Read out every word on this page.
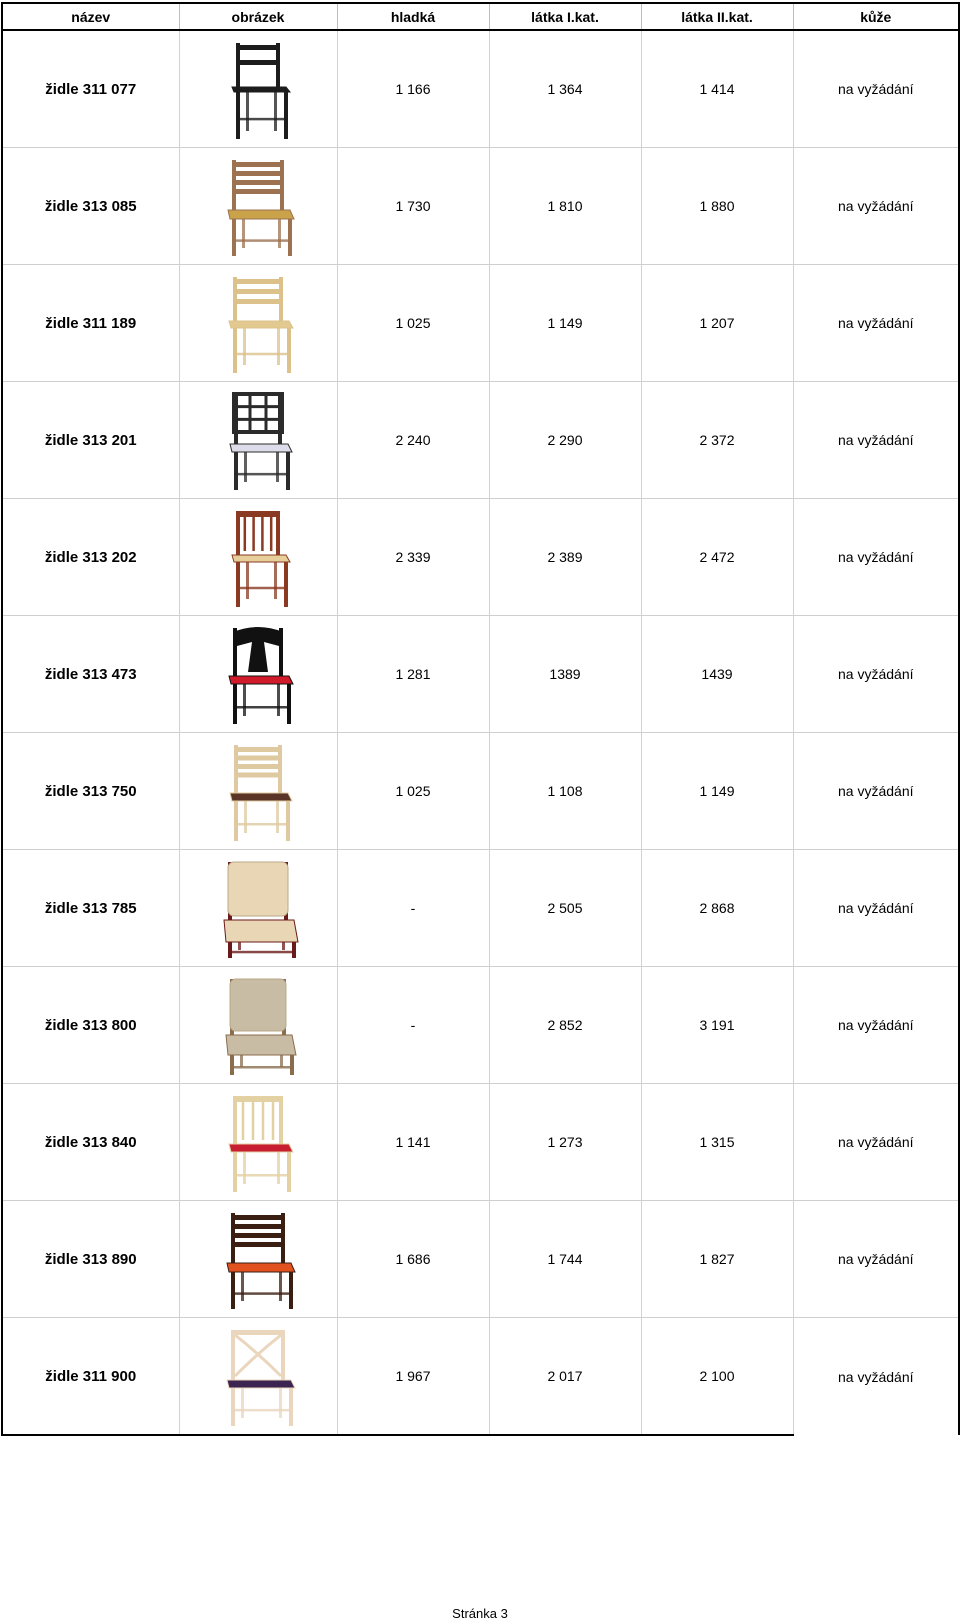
název	obrázek	hladká	látka I.kat.	látka II.kat.	kůže
židle 311 077		1 166	1 364	1 414	na vyžádání
židle 313 085		1 730	1 810	1 880	na vyžádání
židle 311 189		1 025	1 149	1 207	na vyžádání
židle 313 201		2 240	2 290	2 372	na vyžádání
židle 313 202		2 339	2 389	2 472	na vyžádání
židle 313 473		1 281	1389	1439	na vyžádání
židle 313 750		1 025	1 108	1 149	na vyžádání
židle 313 785		-	2 505	2 868	na vyžádání
židle 313 800		-	2 852	3 191	na vyžádání
židle 313 840		1 141	1 273	1 315	na vyžádání
židle 313 890		1 686	1 744	1 827	na vyžádání
židle 311 900		1 967	2 017	2 100	na vyžádání
Stránka 3
